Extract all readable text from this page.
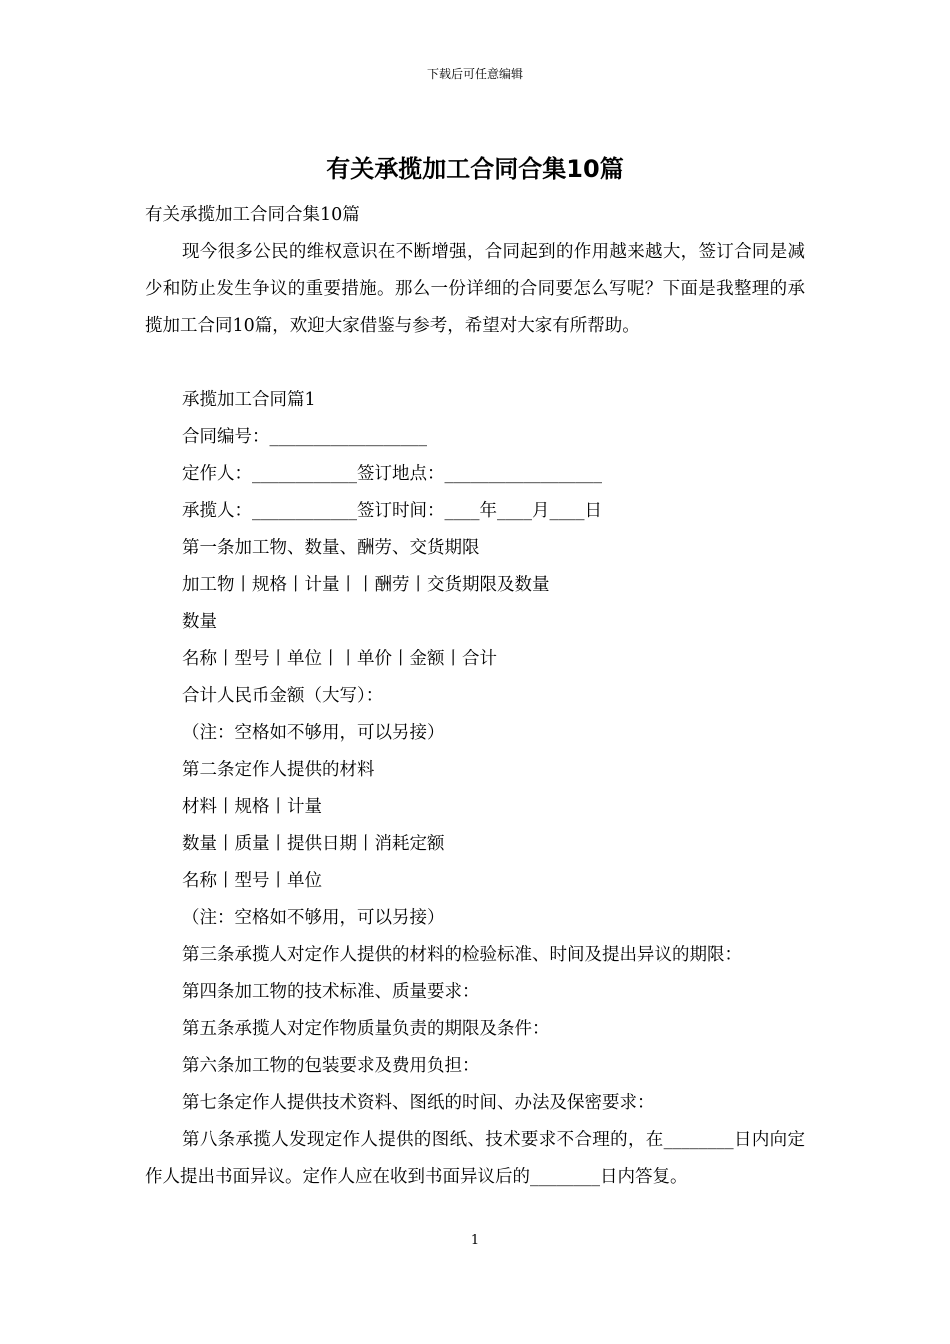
下载后可任意编辑
有关承揽加工合同合集10篇

有关承揽加工合同合集10篇

现今很多公民的维权意识在不断增强，合同起到的作用越来越大，签订合同是减少和防止发生争议的重要措施。那么一份详细的合同要怎么写呢？下面是我整理的承揽加工合同10篇，欢迎大家借鉴与参考，希望对大家有所帮助。

承揽加工合同篇1

合同编号：__________________

定作人：____________签订地点：__________________

承揽人：____________签订时间：____年____月____日

第一条加工物、数量、酬劳、交货期限

加工物丨规格丨计量丨丨酬劳丨交货期限及数量

数量

名称丨型号丨单位丨丨单价丨金额丨合计

合计人民币金额（大写）：

（注：空格如不够用，可以另接）

第二条定作人提供的材料

材料丨规格丨计量

数量丨质量丨提供日期丨消耗定额

名称丨型号丨单位

（注：空格如不够用，可以另接）

第三条承揽人对定作人提供的材料的检验标准、时间及提出异议的期限：

第四条加工物的技术标准、质量要求：

第五条承揽人对定作物质量负责的期限及条件：

第六条加工物的包装要求及费用负担：

第七条定作人提供技术资料、图纸的时间、办法及保密要求：

第八条承揽人发现定作人提供的图纸、技术要求不合理的，在________日内向定作人提出书面异议。定作人应在收到书面异议后的________日内答复。

1
